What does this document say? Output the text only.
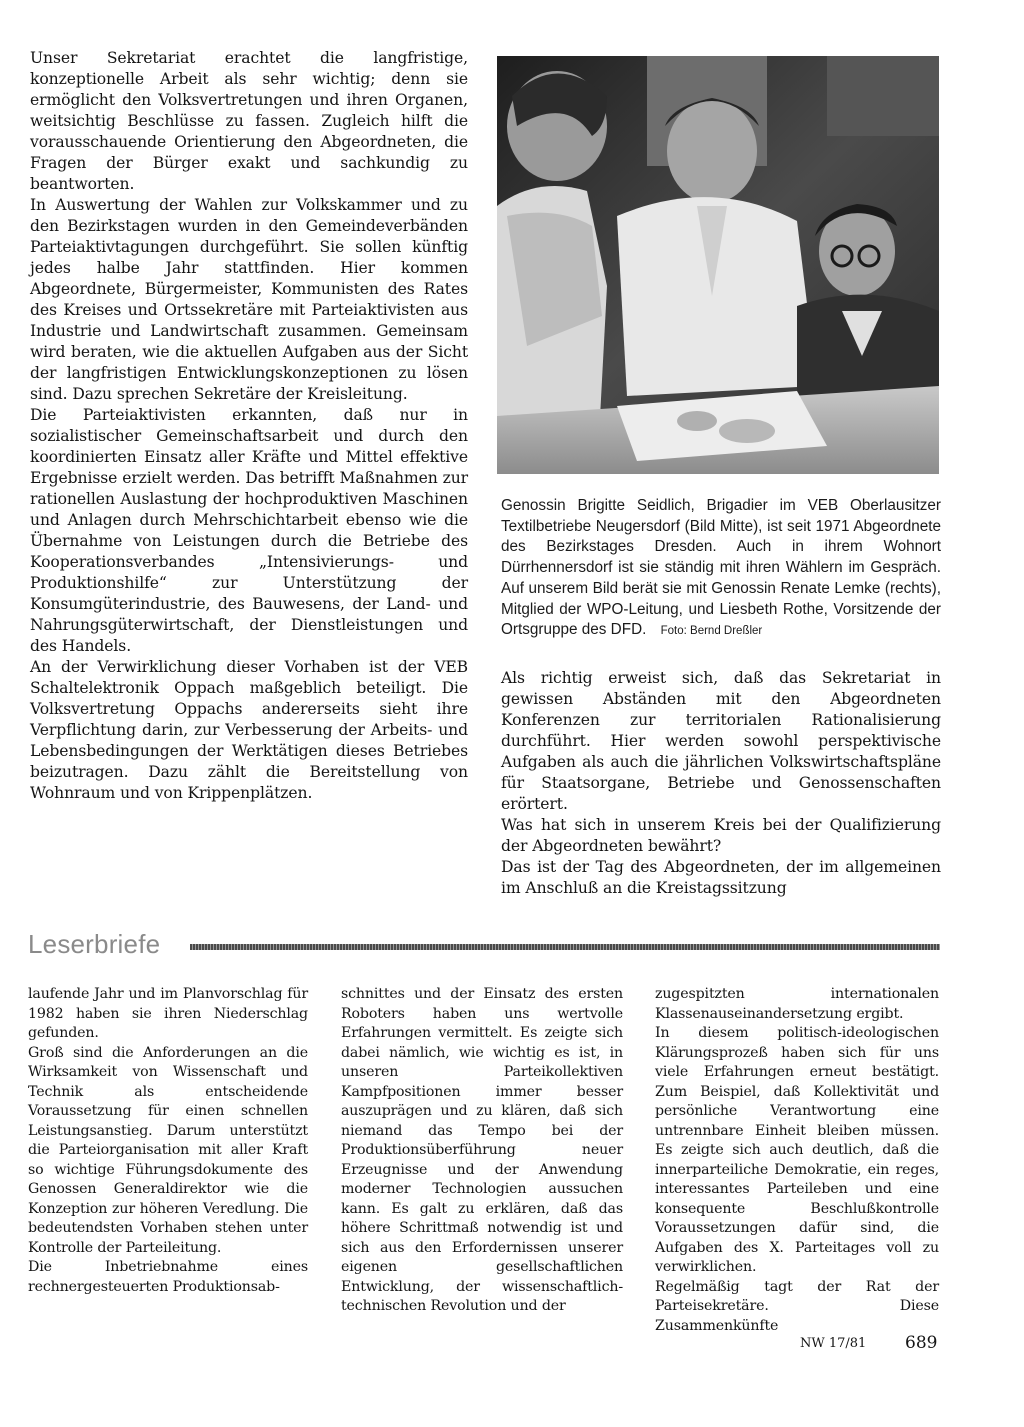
Unser Sekretariat erachtet die langfristige, konzeptionelle Arbeit als sehr wichtig; denn sie ermöglicht den Volksvertretungen und ihren Organen, weitsichtig Beschlüsse zu fassen. Zugleich hilft die vorausschauende Orientierung den Abgeordneten, die Fragen der Bürger exakt und sachkundig zu beantworten.

In Auswertung der Wahlen zur Volkskammer und zu den Bezirkstagen wurden in den Gemeindeverbänden Parteiaktivtagungen durchgeführt. Sie sollen künftig jedes halbe Jahr stattfinden. Hier kommen Abgeordnete, Bürgermeister, Kommunisten des Rates des Kreises und Ortssekretäre mit Parteiaktivisten aus Industrie und Landwirtschaft zusammen. Gemeinsam wird beraten, wie die aktuellen Aufgaben aus der Sicht der langfristigen Entwicklungskonzeptionen zu lösen sind. Dazu sprechen Sekretäre der Kreisleitung.

Die Parteiaktivisten erkannten, daß nur in sozialistischer Gemeinschaftsarbeit und durch den koordinierten Einsatz aller Kräfte und Mittel effektive Ergebnisse erzielt werden. Das betrifft Maßnahmen zur rationellen Auslastung der hochproduktiven Maschinen und Anlagen durch Mehrschichtarbeit ebenso wie die Übernahme von Leistungen durch die Betriebe des Kooperationsverbandes „Intensivierungs- und Produktionshilfe“ zur Unterstützung der Konsumgüterindustrie, des Bauwesens, der Land- und Nahrungsgüterwirtschaft, der Dienstleistungen und des Handels.

An der Verwirklichung dieser Vorhaben ist der VEB Schaltelektronik Oppach maßgeblich beteiligt. Die Volksvertretung Oppachs andererseits sieht ihre Verpflichtung darin, zur Verbesserung der Arbeits- und Lebensbedingungen der Werktätigen dieses Betriebes beizutragen. Dazu zählt die Bereitstellung von Wohnraum und von Krippenplätzen.

Genossin Brigitte Seidlich, Brigadier im VEB Oberlausitzer Textilbetriebe Neugersdorf (Bild Mitte), ist seit 1971 Abgeordnete des Bezirkstages Dresden. Auch in ihrem Wohnort Dürrhennersdorf ist sie ständig mit ihren Wählern im Gespräch. Auf unserem Bild berät sie mit Genossin Renate Lemke (rechts), Mitglied der WPO-Leitung, und Liesbeth Rothe, Vorsitzende der Ortsgruppe des DFD. Foto: Bernd Dreßler

Als richtig erweist sich, daß das Sekretariat in gewissen Abständen mit den Abgeordneten Konferenzen zur territorialen Rationalisierung durchführt. Hier werden sowohl perspektivische Aufgaben als auch die jährlichen Volkswirtschaftspläne für Staatsorgane, Betriebe und Genossenschaften erörtert.

Was hat sich in unserem Kreis bei der Qualifizierung der Abgeordneten bewährt?

Das ist der Tag des Abgeordneten, der im allgemeinen im Anschluß an die Kreistagssitzung

Leserbriefe

laufende Jahr und im Planvorschlag für 1982 haben sie ihren Niederschlag gefunden.

Groß sind die Anforderungen an die Wirksamkeit von Wissenschaft und Technik als entscheidende Voraussetzung für einen schnellen Leistungsanstieg. Darum unterstützt die Parteiorganisation mit aller Kraft so wichtige Führungsdokumente des Genossen Generaldirektor wie die Konzeption zur höheren Veredlung. Die bedeutendsten Vorhaben stehen unter Kontrolle der Parteileitung.

Die Inbetriebnahme eines rechnergesteuerten Produktionsab-

schnittes und der Einsatz des ersten Roboters haben uns wertvolle Erfahrungen vermittelt. Es zeigte sich dabei nämlich, wie wichtig es ist, in unseren Parteikollektiven Kampfpositionen immer besser auszuprägen und zu klären, daß sich niemand das Tempo bei der Produktionsüberführung neuer Erzeugnisse und der Anwendung moderner Technologien aussuchen kann. Es galt zu erklären, daß das höhere Schrittmaß notwendig ist und sich aus den Erfordernissen unserer eigenen gesellschaftlichen Entwicklung, der wissenschaftlich-technischen Revolution und der

zugespitzten internationalen Klassenauseinandersetzung ergibt.

In diesem politisch-ideologischen Klärungsprozeß haben sich für uns viele Erfahrungen erneut bestätigt. Zum Beispiel, daß Kollektivität und persönliche Verantwortung eine untrennbare Einheit bleiben müssen. Es zeigte sich auch deutlich, daß die innerparteiliche Demokratie, ein reges, interessantes Parteileben und eine konsequente Beschlußkontrolle Voraussetzungen dafür sind, die Aufgaben des X. Parteitages voll zu verwirklichen.

Regelmäßig tagt der Rat der Parteisekretäre. Diese Zusammenkünfte

NW 17/81 689
